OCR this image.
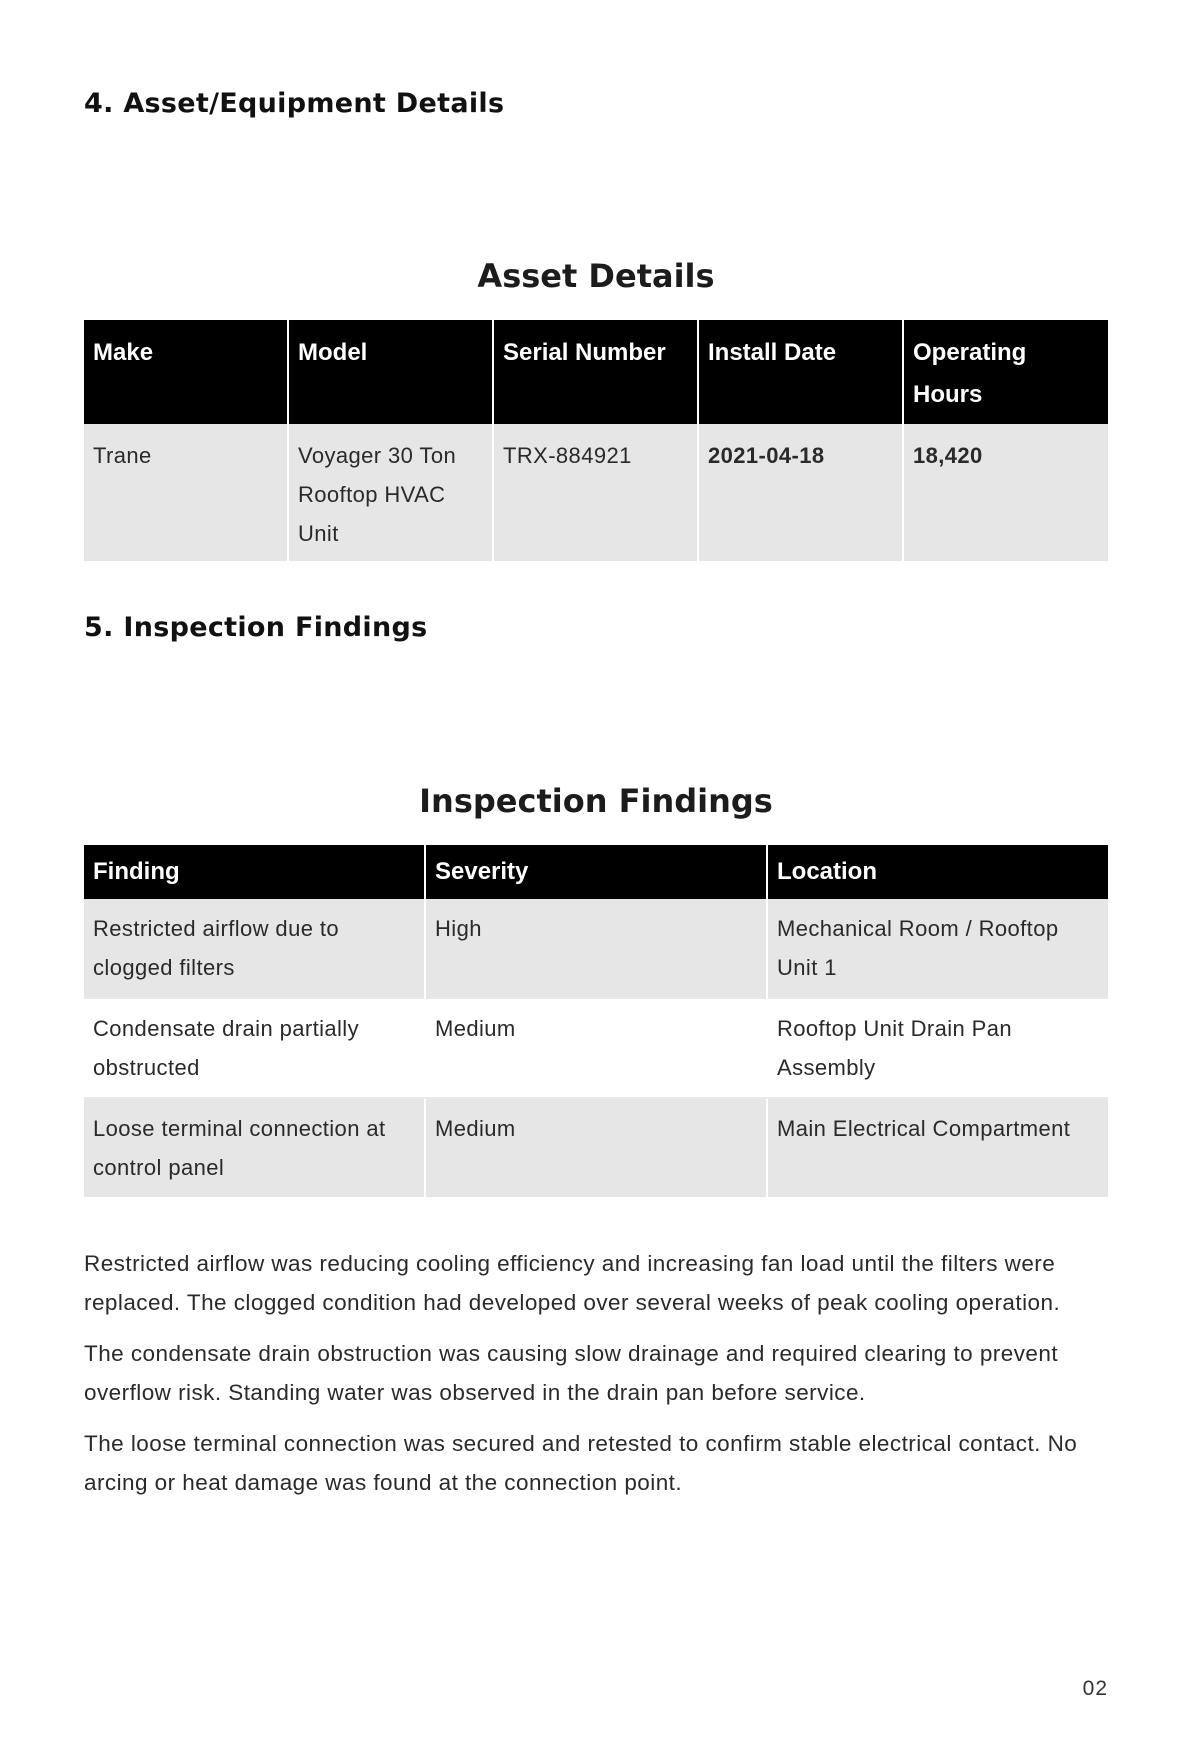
4. Asset/Equipment Details
Asset Details
Make	Model	Serial Number	Install Date	Operating Hours
Trane	Voyager 30 Ton Rooftop HVAC Unit	TRX-884921	2021-04-18	18,420
5. Inspection Findings
Inspection Findings
Finding	Severity	Location
Restricted airflow due to clogged filters	High	Mechanical Room / Rooftop Unit 1
Condensate drain partially obstructed	Medium	Rooftop Unit Drain Pan Assembly
Loose terminal connection at control panel	Medium	Main Electrical Compartment

Restricted airflow was reducing cooling efficiency and increasing fan load until the filters were replaced. The clogged condition had developed over several weeks of peak cooling operation.

The condensate drain obstruction was causing slow drainage and required clearing to prevent overflow risk. Standing water was observed in the drain pan before service.

The loose terminal connection was secured and retested to confirm stable electrical contact. No arcing or heat damage was found at the connection point.

02
